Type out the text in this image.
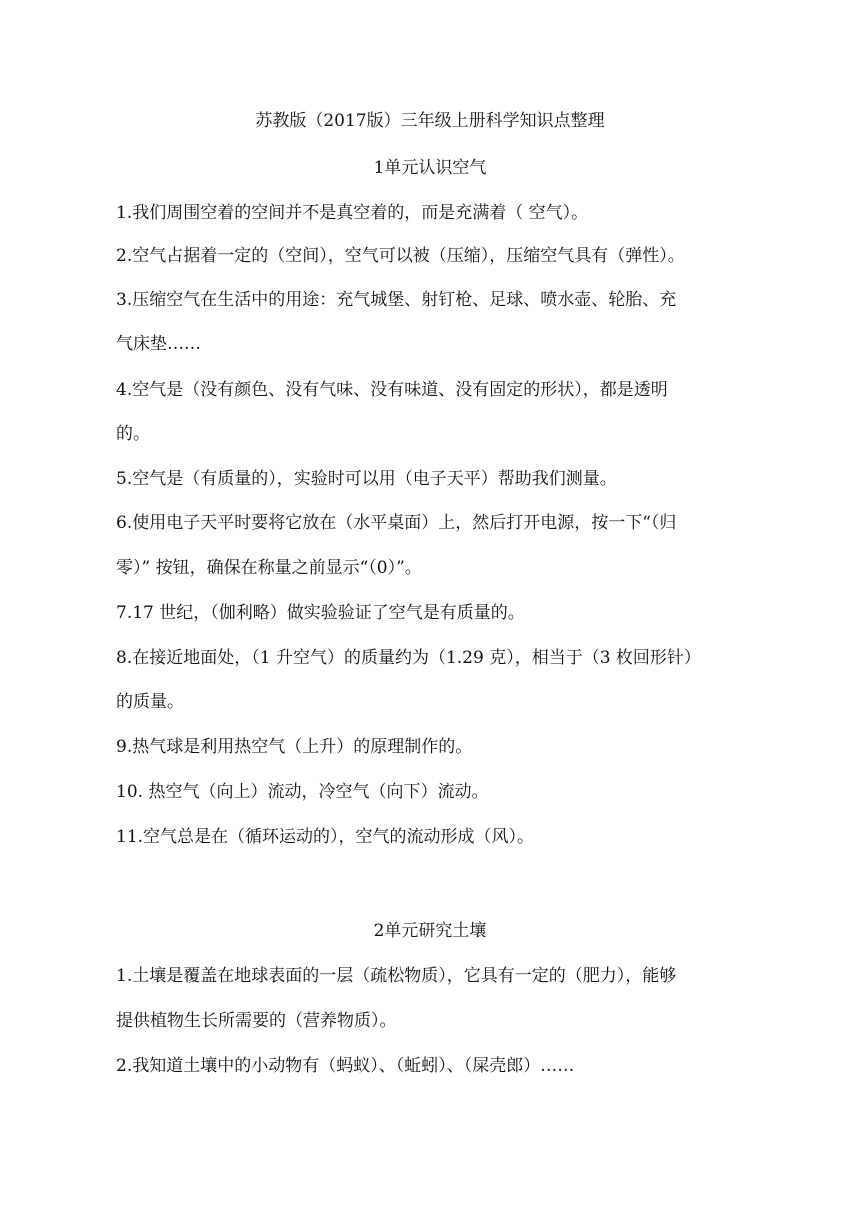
苏教版（2017版）三年级上册科学知识点整理
1单元认识空气
1.我们周围空着的空间并不是真空着的，而是充满着（ 空气）。
2.空气占据着一定的（空间），空气可以被（压缩），压缩空气具有（弹性）。
3.压缩空气在生活中的用途：充气城堡、射钉枪、足球、喷水壶、轮胎、充
气床垫……
4.空气是（没有颜色、没有气味、没有味道、没有固定的形状），都是透明
的。
5.空气是（有质量的），实验时可以用（电子天平）帮助我们测量。
6.使用电子天平时要将它放在（水平桌面）上，然后打开电源，按一下“（归
零）” 按钮，确保在称量之前显示“（0）”。
7.17 世纪，（伽利略）做实验验证了空气是有质量的。
8.在接近地面处，（1 升空气）的质量约为（1.29 克），相当于（3 枚回形针）
的质量。
9.热气球是利用热空气（上升）的原理制作的。
10. 热空气（向上）流动，冷空气（向下）流动。
11.空气总是在（循环运动的），空气的流动形成（风）。
2单元研究土壤
1.土壤是覆盖在地球表面的一层（疏松物质），它具有一定的（肥力），能够
提供植物生长所需要的（营养物质）。
2.我知道土壤中的小动物有（蚂蚁）、（蚯蚓）、（屎壳郎）……
